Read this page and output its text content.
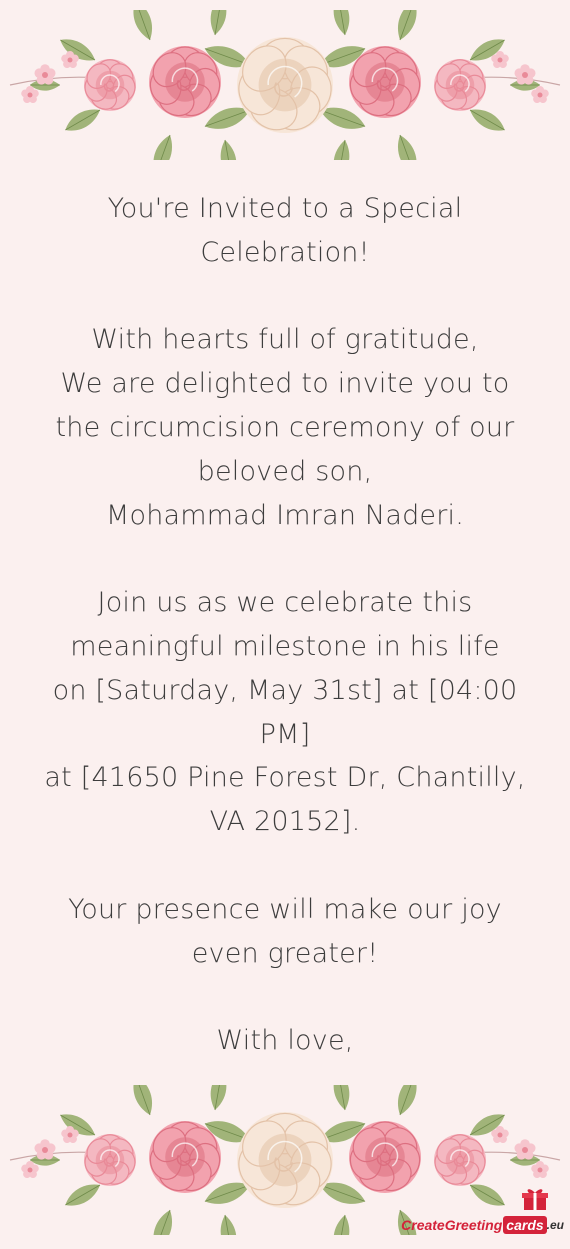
You're Invited to a Special
Celebration!
With hearts full of gratitude,
We are delighted to invite you to
the circumcision ceremony of our
beloved son,
Mohammad Imran Naderi.
Join us as we celebrate this
meaningful milestone in his life
on [Saturday, May 31st] at [04:00
PM]
at [41650 Pine Forest Dr, Chantilly,
VA 20152].
Your presence will make our joy
even greater!
With love,
CreateGreeting cards .eu
